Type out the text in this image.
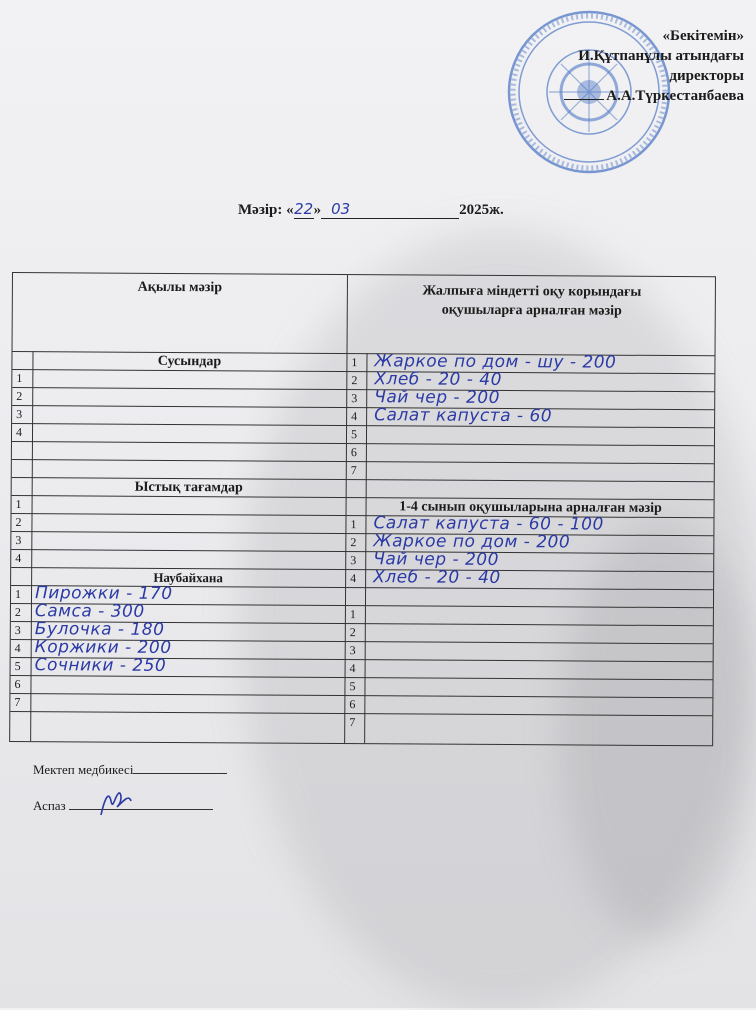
«Бекітемін»
И.Құтпанұлы атындағы
директоры
А.А.Түркестанбаева
Мәзір: «22» 03	2025ж.
Ақылы мәзір	Жалпыға міндетті оқу корындағы оқушыларға арналған мәзір
Сусындар
Ыстық тағамдар
Наубайхана
1-4 сынып оқушыларына арналған мәзір
1
2
3
4
1
2
3
4
1
2
3
4
5
6
7
1
2
3
4
5
6
7
1
2
3
4
1
2
3
4
5
6
7
Жаркое по дом - шу - 200
Хлеб - 20 - 40
Чай чер - 200
Салат капуста - 60
Салат капуста - 60 - 100
Жаркое по дом - 200
Чай чер - 200
Хлеб - 20 - 40
Пирожки - 170
Самса - 300
Булочка - 180
Коржики - 200
Сочники - 250
Мектеп медбикесі
Аспаз
